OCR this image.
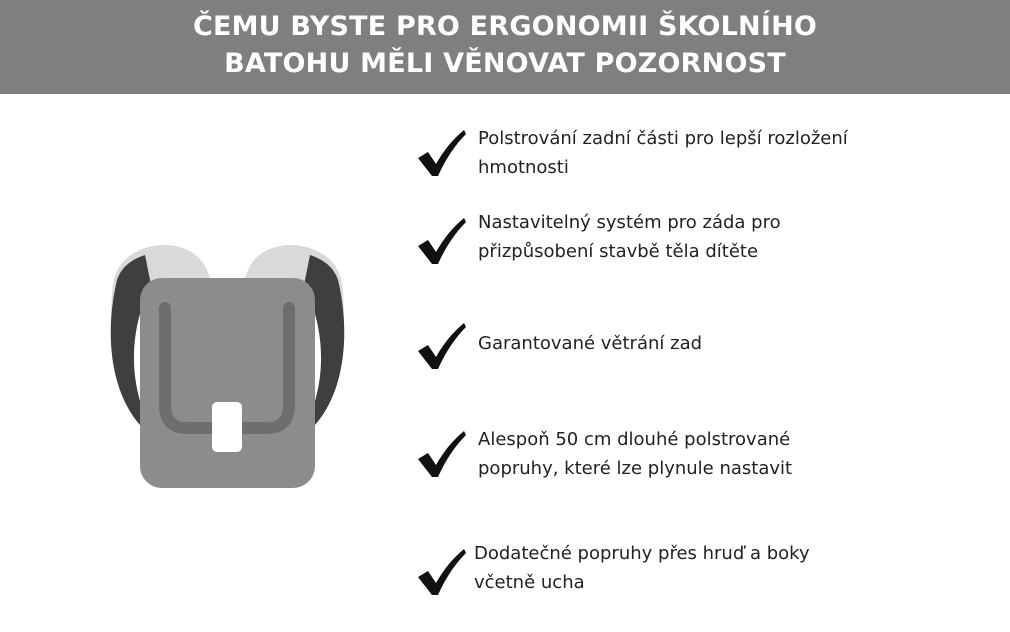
ČEMU BYSTE PRO ERGONOMII ŠKOLNÍHO
BATOHU MĚLI VĚNOVAT POZORNOST
Polstrování zadní části pro lepší rozložení
hmotnosti
Nastavitelný systém pro záda pro
přizpůsobení stavbě těla dítěte
Garantované větrání zad
Alespoň 50 cm dlouhé polstrované
popruhy, které lze plynule nastavit
Dodatečné popruhy přes hruď a boky
včetně ucha
